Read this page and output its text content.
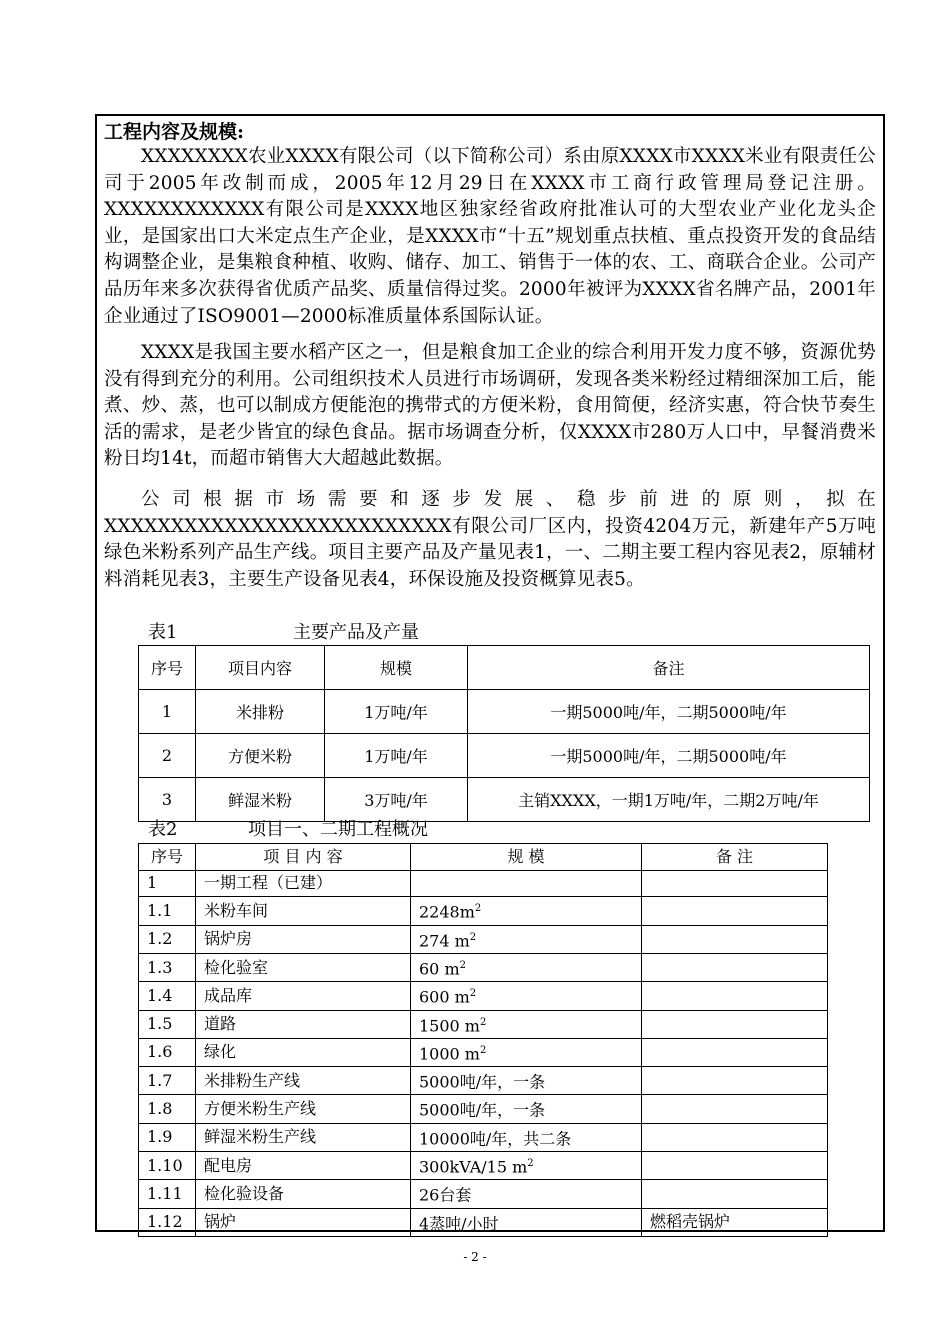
工程内容及规模:

XXXXXXXX农业XXXX有限公司（以下简称公司）系由原XXXX市XXXX米业有限责任公司于2005年改制而成，2005年12月29日在XXXX市工商行政管理局登记注册。XXXXXXXXXXXX有限公司是XXXX地区独家经省政府批准认可的大型农业产业化龙头企业，是国家出口大米定点生产企业，是XXXX市“十五”规划重点扶植、重点投资开发的食品结构调整企业，是集粮食种植、收购、储存、加工、销售于一体的农、工、商联合企业。公司产品历年来多次获得省优质产品奖、质量信得过奖。2000年被评为XXXX省名牌产品，2001年企业通过了ISO9001—2000标准质量体系国际认证。

XXXX是我国主要水稻产区之一，但是粮食加工企业的综合利用开发力度不够，资源优势没有得到充分的利用。公司组织技术人员进行市场调研，发现各类米粉经过精细深加工后，能煮、炒、蒸，也可以制成方便能泡的携带式的方便米粉，食用简便，经济实惠，符合快节奏生活的需求，是老少皆宜的绿色食品。据市场调查分析，仅XXXX市280万人口中，早餐消费米粉日均14t，而超市销售大大超越此数据。

公司根据市场需要和逐步发展、稳步前进的原则，拟在XXXXXXXXXXXXXXXXXXXXXXXXXX有限公司厂区内，投资4204万元，新建年产5万吨绿色米粉系列产品生产线。项目主要产品及产量见表1，一、二期主要工程内容见表2，原辅材料消耗见表3，主要生产设备见表4，环保设施及投资概算见表5。

表1	主要产品及产量
序号	项目内容	规模	备注
1	米排粉	1万吨/年	一期5000吨/年，二期5000吨/年
2	方便米粉	1万吨/年	一期5000吨/年，二期5000吨/年
3	鲜湿米粉	3万吨/年	主销XXXX，一期1万吨/年，二期2万吨/年
表2	项目一、二期工程概况
序号	项 目 内 容	规 模	备 注
1	一期工程（已建）		
1.1	米粉车间	$2248m^2$	
1.2	锅炉房	274 $m^2$	
1.3	检化验室	60 $m^2$	
1.4	成品库	600 $m^2$	
1.5	道路	1500 $m^2$	
1.6	绿化	1000 $m^2$	
1.7	米排粉生产线	5000吨/年，一条	
1.8	方便米粉生产线	5000吨/年，一条	
1.9	鲜湿米粉生产线	10000吨/年，共二条	
1.10	配电房	300kVA/15 $m^2$	
1.11	检化验设备	26台套	
1.12	锅炉	4蒸吨/小时	燃稻壳锅炉
- 2 -
